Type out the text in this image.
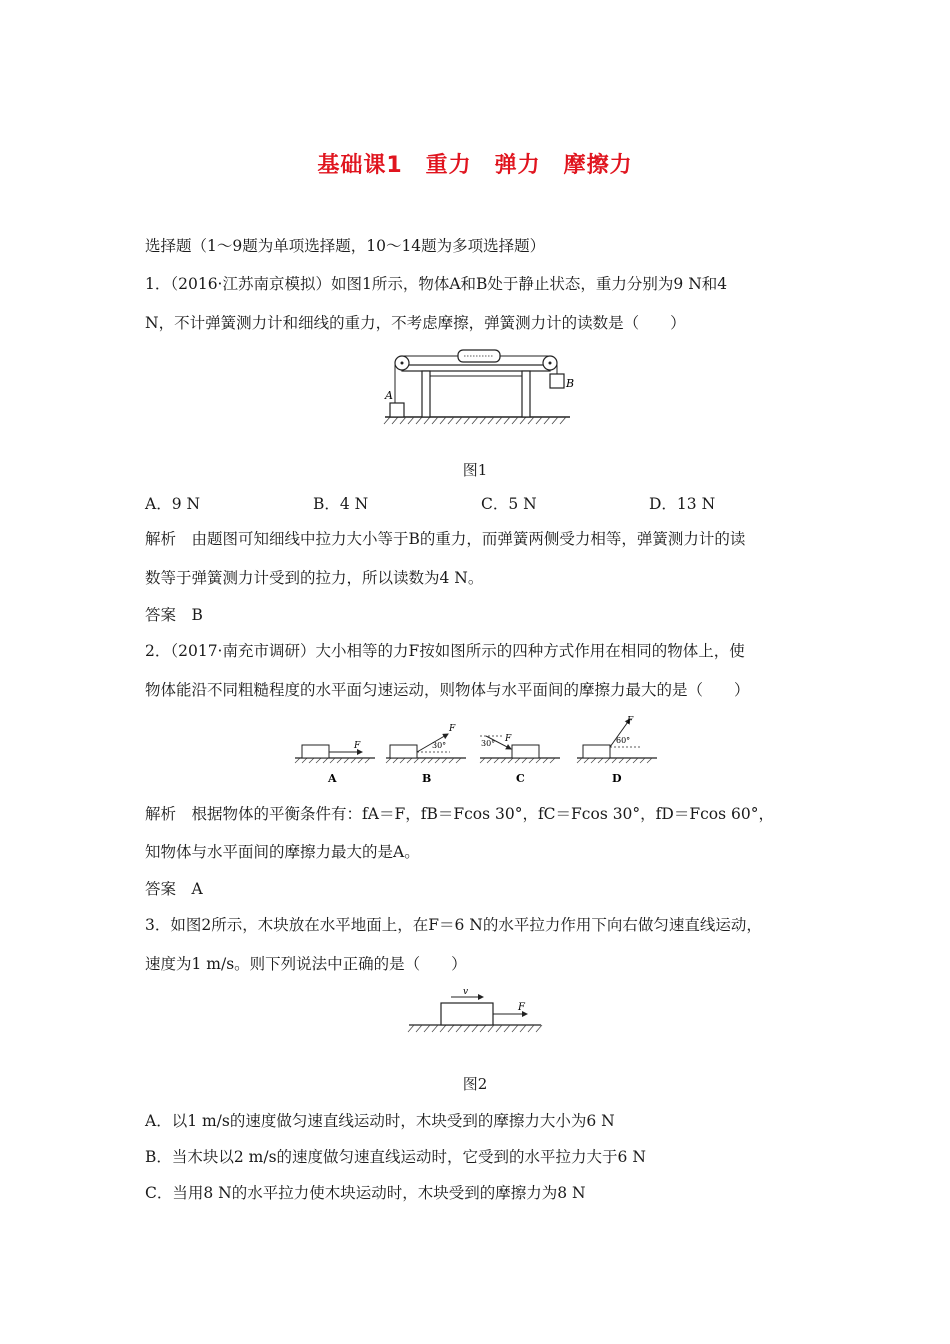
基础课1　重力　弹力　摩擦力
选择题（1～9题为单项选择题，10～14题为多项选择题）
1．（2016·江苏南京模拟）如图1所示，物体A和B处于静止状态，重力分别为9 N和4
N，不计弹簧测力计和细线的重力，不考虑摩擦，弹簧测力计的读数是（　　）
A
B
图1
A．9 N	B．4 N	C．5 N	D．13 N
解析　由题图可知细线中拉力大小等于B的重力，而弹簧两侧受力相等，弹簧测力计的读
数等于弹簧测力计受到的拉力，所以读数为4 N。
答案　B
2．（2017·南充市调研）大小相等的力F按如图所示的四种方式作用在相同的物体上，使
物体能沿不同粗糙程度的水平面匀速运动，则物体与水平面间的摩擦力最大的是（　　）
F
A
F
30°
B
F
30°
C
F
60°
D
解析　根据物体的平衡条件有：fA＝F，fB＝Fcos 30°，fC＝Fcos 30°，fD＝Fcos 60°，
知物体与水平面间的摩擦力最大的是A。
答案　A
3．如图2所示，木块放在水平地面上，在F＝6 N的水平拉力作用下向右做匀速直线运动，
速度为1 m/s。则下列说法中正确的是（　　）
v
F
图2
A．以1 m/s的速度做匀速直线运动时，木块受到的摩擦力大小为6 N
B．当木块以2 m/s的速度做匀速直线运动时，它受到的水平拉力大于6 N
C．当用8 N的水平拉力使木块运动时，木块受到的摩擦力为8 N
